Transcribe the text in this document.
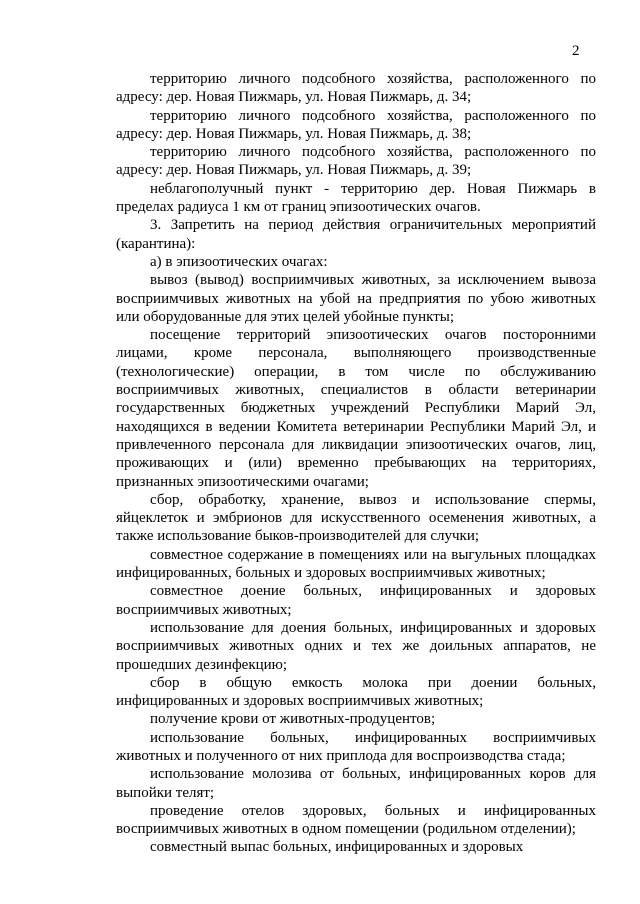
2

территорию личного подсобного хозяйства, расположенного по адресу: дер. Новая Пижмарь, ул. Новая Пижмарь, д. 34;

территорию личного подсобного хозяйства, расположенного по адресу: дер. Новая Пижмарь, ул. Новая Пижмарь, д. 38;

территорию личного подсобного хозяйства, расположенного по адресу: дер. Новая Пижмарь, ул. Новая Пижмарь, д. 39;

неблагополучный пункт - территорию дер. Новая Пижмарь в пределах радиуса 1 км от границ эпизоотических очагов.

3. Запретить на период действия ограничительных мероприятий (карантина):

а) в эпизоотических очагах:

вывоз (вывод) восприимчивых животных, за исключением вывоза восприимчивых животных на убой на предприятия по убою животных или оборудованные для этих целей убойные пункты;

посещение территорий эпизоотических очагов посторонними лицами, кроме персонала, выполняющего производственные (технологические) операции, в том числе по обслуживанию восприимчивых животных, специалистов в области ветеринарии государственных бюджетных учреждений Республики Марий Эл, находящихся в ведении Комитета ветеринарии Республики Марий Эл, и привлеченного персонала для ликвидации эпизоотических очагов, лиц, проживающих и (или) временно пребывающих на территориях, признанных эпизоотическими очагами;

сбор, обработку, хранение, вывоз и использование спермы, яйцеклеток и эмбрионов для искусственного осеменения животных, а также использование быков-производителей для случки;

совместное содержание в помещениях или на выгульных площадках инфицированных, больных и здоровых восприимчивых животных;

совместное доение больных, инфицированных и здоровых восприимчивых животных;

использование для доения больных, инфицированных и здоровых восприимчивых животных одних и тех же доильных аппаратов, не прошедших дезинфекцию;

сбор в общую емкость молока при доении больных, инфицированных и здоровых восприимчивых животных;

получение крови от животных-продуцентов;

использование больных, инфицированных восприимчивых животных и полученного от них приплода для воспроизводства стада;

использование молозива от больных, инфицированных коров для выпойки телят;

проведение отелов здоровых, больных и инфицированных восприимчивых животных в одном помещении (родильном отделении);

совместный выпас больных, инфицированных и здоровых
